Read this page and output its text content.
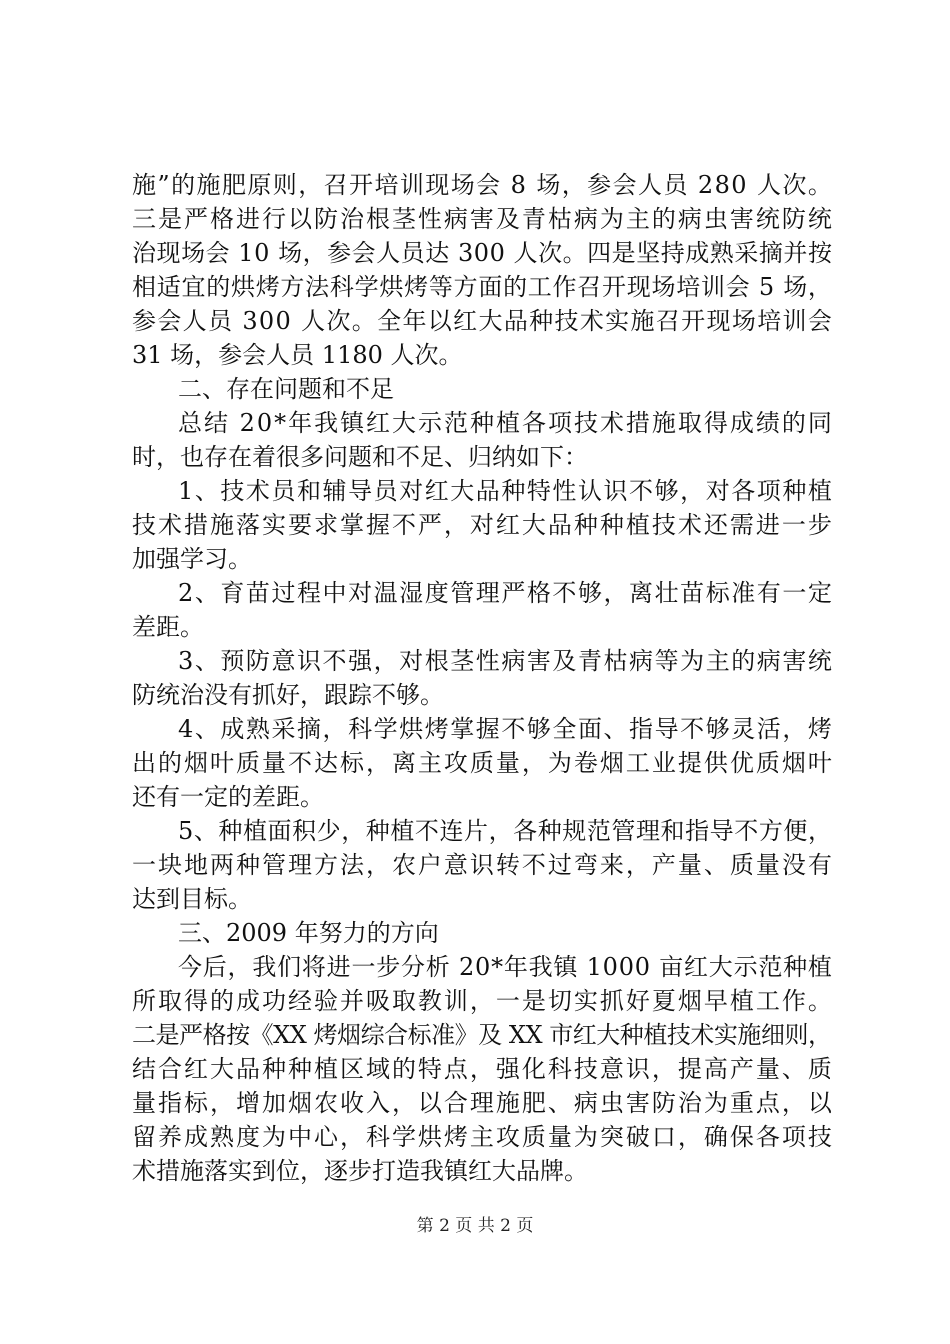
施”的施肥原则，召开培训现场会 8 场，参会人员 280 人次。
三是严格进行以防治根茎性病害及青枯病为主的病虫害统防统
治现场会 10 场，参会人员达 300 人次。四是坚持成熟采摘并按
相适宜的烘烤方法科学烘烤等方面的工作召开现场培训会 5 场，
参会人员 300 人次。全年以红大品种技术实施召开现场培训会
31 场，参会人员 1180 人次。
二、存在问题和不足
总结 20*年我镇红大示范种植各项技术措施取得成绩的同
时，也存在着很多问题和不足、归纳如下：
1、技术员和辅导员对红大品种特性认识不够，对各项种植
技术措施落实要求掌握不严，对红大品种种植技术还需进一步
加强学习。
2、育苗过程中对温湿度管理严格不够，离壮苗标准有一定
差距。
3、预防意识不强，对根茎性病害及青枯病等为主的病害统
防统治没有抓好，跟踪不够。
4、成熟采摘，科学烘烤掌握不够全面、指导不够灵活，烤
出的烟叶质量不达标，离主攻质量，为卷烟工业提供优质烟叶
还有一定的差距。
5、种植面积少，种植不连片，各种规范管理和指导不方便，
一块地两种管理方法，农户意识转不过弯来，产量、质量没有
达到目标。
三、2009 年努力的方向
今后，我们将进一步分析 20*年我镇 1000 亩红大示范种植
所取得的成功经验并吸取教训，一是切实抓好夏烟早植工作。
二是严格按《XX 烤烟综合标准》及 XX 市红大种植技术实施细则，
结合红大品种种植区域的特点，强化科技意识，提高产量、质
量指标，增加烟农收入，以合理施肥、病虫害防治为重点，以
留养成熟度为中心，科学烘烤主攻质量为突破口，确保各项技
术措施落实到位，逐步打造我镇红大品牌。
第 2 页 共 2 页
